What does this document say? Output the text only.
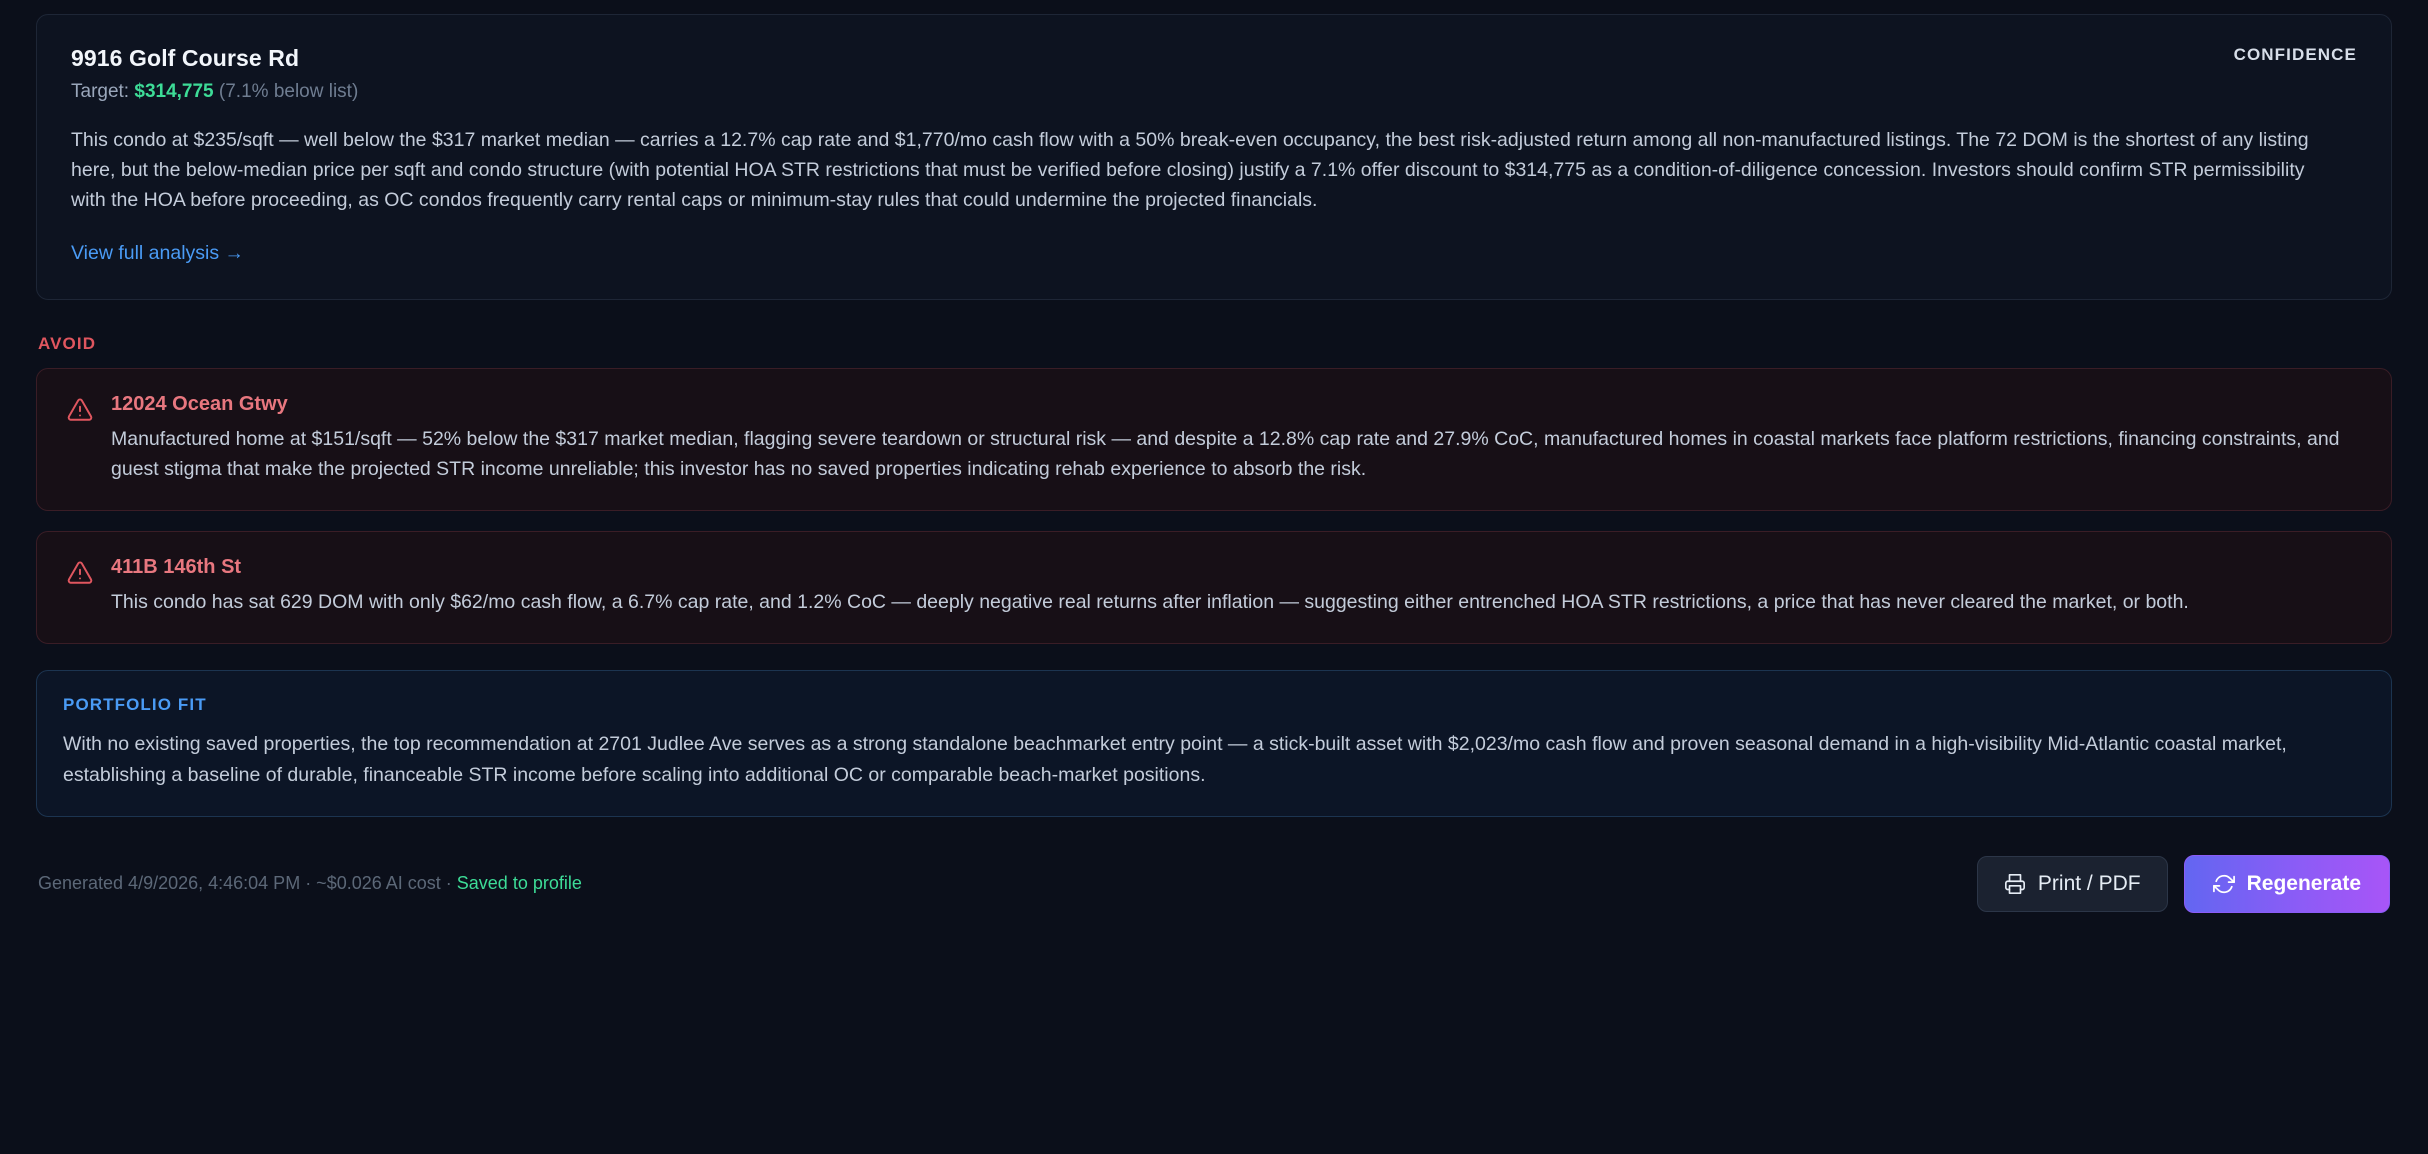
9916 Golf Course Rd
Target: $314,775 (7.1% below list)
CONFIDENCE
This condo at $235/sqft — well below the $317 market median — carries a 12.7% cap rate and $1,770/mo cash flow with a 50% break-even occupancy, the best risk-adjusted return among all non-manufactured listings. The 72 DOM is the shortest of any listing here, but the below-median price per sqft and condo structure (with potential HOA STR restrictions that must be verified before closing) justify a 7.1% offer discount to $314,775 as a condition-of-diligence concession. Investors should confirm STR permissibility with the HOA before proceeding, as OC condos frequently carry rental caps or minimum-stay rules that could undermine the projected financials.
View full analysis →
AVOID
12024 Ocean Gtwy
Manufactured home at $151/sqft — 52% below the $317 market median, flagging severe teardown or structural risk — and despite a 12.8% cap rate and 27.9% CoC, manufactured homes in coastal markets face platform restrictions, financing constraints, and guest stigma that make the projected STR income unreliable; this investor has no saved properties indicating rehab experience to absorb the risk.
411B 146th St
This condo has sat 629 DOM with only $62/mo cash flow, a 6.7% cap rate, and 1.2% CoC — deeply negative real returns after inflation — suggesting either entrenched HOA STR restrictions, a price that has never cleared the market, or both.
PORTFOLIO FIT
With no existing saved properties, the top recommendation at 2701 Judlee Ave serves as a strong standalone beachmarket entry point — a stick-built asset with $2,023/mo cash flow and proven seasonal demand in a high-visibility Mid-Atlantic coastal market, establishing a baseline of durable, financeable STR income before scaling into additional OC or comparable beach-market positions.
Generated 4/9/2026, 4:46:04 PM · ~$0.026 AI cost · Saved to profile	Print / PDF	Regenerate
